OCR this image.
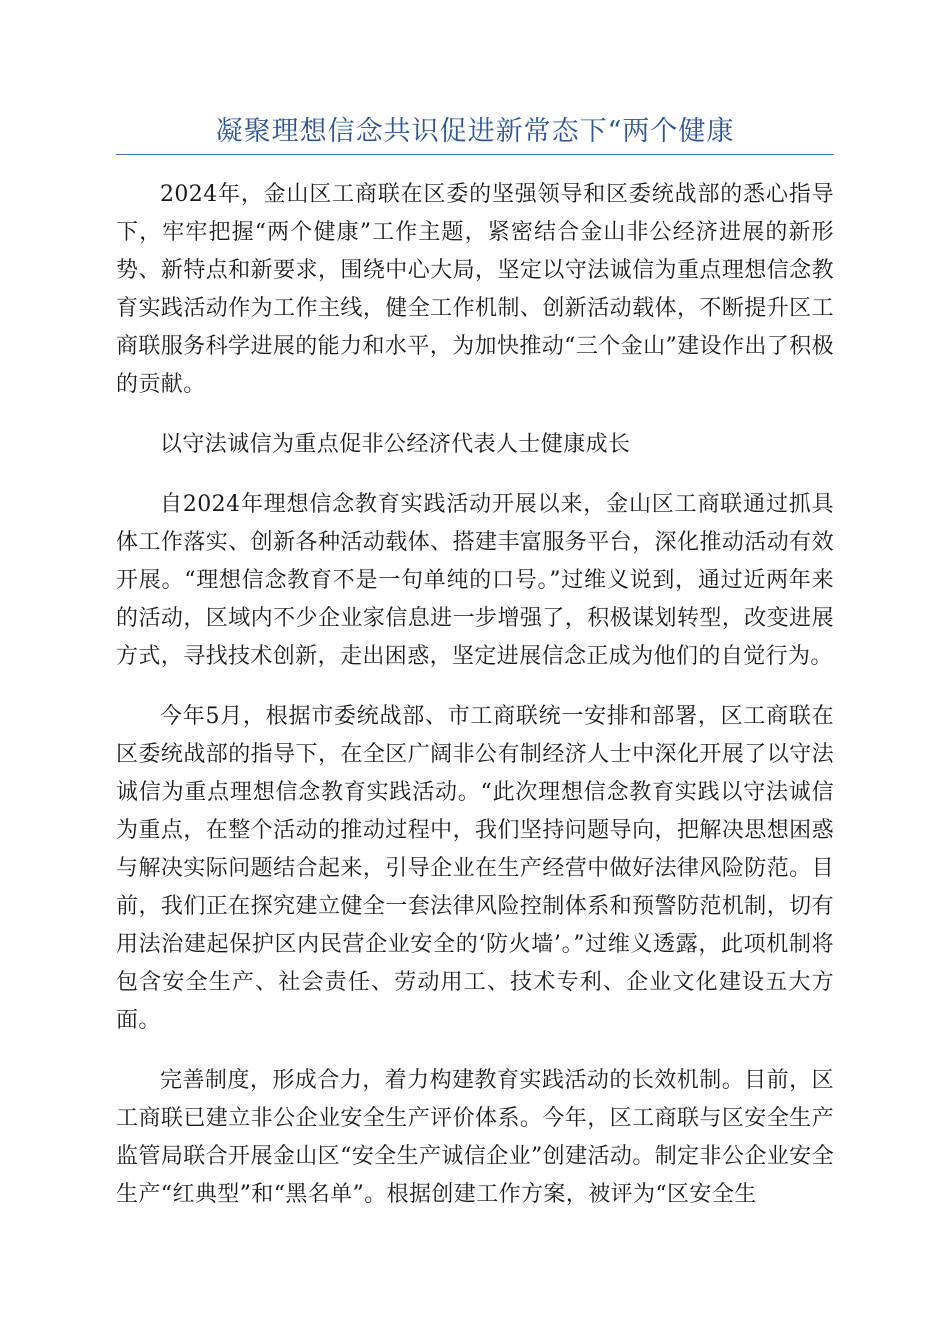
凝聚理想信念共识促进新常态下“两个健康

2024年，金山区工商联在区委的坚强领导和区委统战部的悉心指导下，牢牢把握“两个健康”工作主题，紧密结合金山非公经济进展的新形势、新特点和新要求，围绕中心大局，坚定以守法诚信为重点理想信念教育实践活动作为工作主线，健全工作机制、创新活动载体，不断提升区工商联服务科学进展的能力和水平，为加快推动“三个金山”建设作出了积极的贡献。

以守法诚信为重点促非公经济代表人士健康成长

自2024年理想信念教育实践活动开展以来，金山区工商联通过抓具体工作落实、创新各种活动载体、搭建丰富服务平台，深化推动活动有效开展。“理想信念教育不是一句单纯的口号。”过维义说到，通过近两年来的活动，区域内不少企业家信息进一步增强了，积极谋划转型，改变进展方式，寻找技术创新，走出困惑，坚定进展信念正成为他们的自觉行为。

今年5月，根据市委统战部、市工商联统一安排和部署，区工商联在区委统战部的指导下，在全区广阔非公有制经济人士中深化开展了以守法诚信为重点理想信念教育实践活动。“此次理想信念教育实践以守法诚信为重点，在整个活动的推动过程中，我们坚持问题导向，把解决思想困惑与解决实际问题结合起来，引导企业在生产经营中做好法律风险防范。目前，我们正在探究建立健全一套法律风险控制体系和预警防范机制，切有用法治建起保护区内民营企业安全的‘防火墙’。”过维义透露，此项机制将包含安全生产、社会责任、劳动用工、技术专利、企业文化建设五大方面。

完善制度，形成合力，着力构建教育实践活动的长效机制。目前，区工商联已建立非公企业安全生产评价体系。今年，区工商联与区安全生产监管局联合开展金山区“安全生产诚信企业”创建活动。制定非公企业安全生产“红典型”和“黑名单”。根据创建工作方案，被评为“区安全生
